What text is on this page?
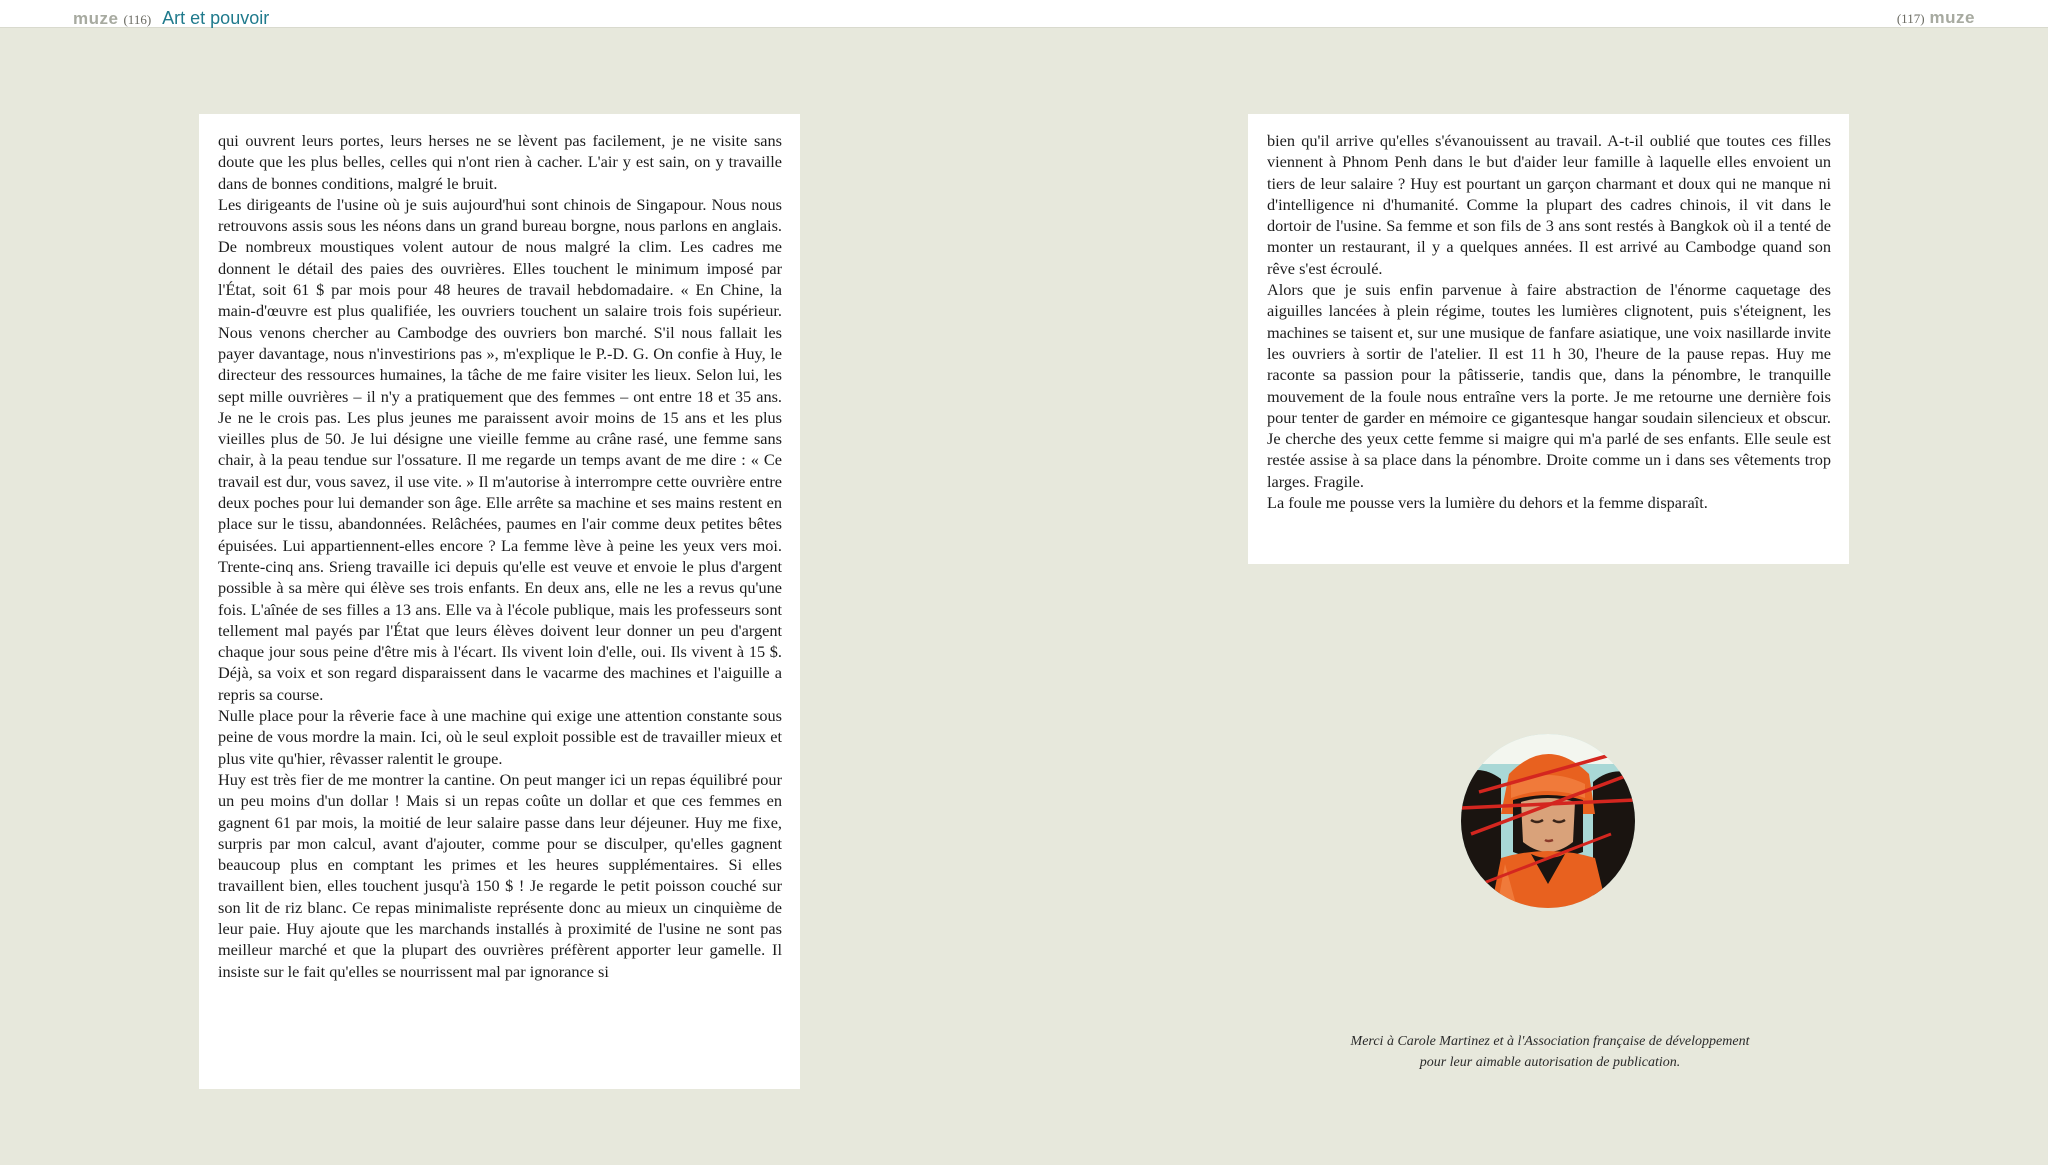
muze (116) Art et pouvoir	(117) muze

qui ouvrent leurs portes, leurs herses ne se lèvent pas facilement, je ne visite sans doute que les plus belles, celles qui n'ont rien à cacher. L'air y est sain, on y travaille dans de bonnes conditions, malgré le bruit.

Les dirigeants de l'usine où je suis aujourd'hui sont chinois de Singapour. Nous nous retrouvons assis sous les néons dans un grand bureau borgne, nous parlons en anglais. De nombreux moustiques volent autour de nous malgré la clim. Les cadres me donnent le détail des paies des ouvrières. Elles touchent le minimum imposé par l'État, soit 61 $ par mois pour 48 heures de travail hebdomadaire. « En Chine, la main-d'œuvre est plus qualifiée, les ouvriers touchent un salaire trois fois supérieur. Nous venons chercher au Cambodge des ouvriers bon marché. S'il nous fallait les payer davantage, nous n'investirions pas », m'explique le P.-D. G. On confie à Huy, le directeur des ressources humaines, la tâche de me faire visiter les lieux. Selon lui, les sept mille ouvrières – il n'y a pratiquement que des femmes – ont entre 18 et 35 ans. Je ne le crois pas. Les plus jeunes me paraissent avoir moins de 15 ans et les plus vieilles plus de 50. Je lui désigne une vieille femme au crâne rasé, une femme sans chair, à la peau tendue sur l'ossature. Il me regarde un temps avant de me dire : « Ce travail est dur, vous savez, il use vite. » Il m'autorise à interrompre cette ouvrière entre deux poches pour lui demander son âge. Elle arrête sa machine et ses mains restent en place sur le tissu, abandonnées. Relâchées, paumes en l'air comme deux petites bêtes épuisées. Lui appartiennent-elles encore ? La femme lève à peine les yeux vers moi. Trente-cinq ans. Srieng travaille ici depuis qu'elle est veuve et envoie le plus d'argent possible à sa mère qui élève ses trois enfants. En deux ans, elle ne les a revus qu'une fois. L'aînée de ses filles a 13 ans. Elle va à l'école publique, mais les professeurs sont tellement mal payés par l'État que leurs élèves doivent leur donner un peu d'argent chaque jour sous peine d'être mis à l'écart. Ils vivent loin d'elle, oui. Ils vivent à 15 $. Déjà, sa voix et son regard disparaissent dans le vacarme des machines et l'aiguille a repris sa course.

Nulle place pour la rêverie face à une machine qui exige une attention constante sous peine de vous mordre la main. Ici, où le seul exploit possible est de travailler mieux et plus vite qu'hier, rêvasser ralentit le groupe.

Huy est très fier de me montrer la cantine. On peut manger ici un repas équilibré pour un peu moins d'un dollar ! Mais si un repas coûte un dollar et que ces femmes en gagnent 61 par mois, la moitié de leur salaire passe dans leur déjeuner. Huy me fixe, surpris par mon calcul, avant d'ajouter, comme pour se disculper, qu'elles gagnent beaucoup plus en comptant les primes et les heures supplémentaires. Si elles travaillent bien, elles touchent jusqu'à 150 $ ! Je regarde le petit poisson couché sur son lit de riz blanc. Ce repas minimaliste représente donc au mieux un cinquième de leur paie. Huy ajoute que les marchands installés à proximité de l'usine ne sont pas meilleur marché et que la plupart des ouvrières préfèrent apporter leur gamelle. Il insiste sur le fait qu'elles se nourrissent mal par ignorance si

bien qu'il arrive qu'elles s'évanouissent au travail. A-t-il oublié que toutes ces filles viennent à Phnom Penh dans le but d'aider leur famille à laquelle elles envoient un tiers de leur salaire ? Huy est pourtant un garçon charmant et doux qui ne manque ni d'intelligence ni d'humanité. Comme la plupart des cadres chinois, il vit dans le dortoir de l'usine. Sa femme et son fils de 3 ans sont restés à Bangkok où il a tenté de monter un restaurant, il y a quelques années. Il est arrivé au Cambodge quand son rêve s'est écroulé.

Alors que je suis enfin parvenue à faire abstraction de l'énorme caquetage des aiguilles lancées à plein régime, toutes les lumières clignotent, puis s'éteignent, les machines se taisent et, sur une musique de fanfare asiatique, une voix nasillarde invite les ouvriers à sortir de l'atelier. Il est 11 h 30, l'heure de la pause repas. Huy me raconte sa passion pour la pâtisserie, tandis que, dans la pénombre, le tranquille mouvement de la foule nous entraîne vers la porte. Je me retourne une dernière fois pour tenter de garder en mémoire ce gigantesque hangar soudain silencieux et obscur. Je cherche des yeux cette femme si maigre qui m'a parlé de ses enfants. Elle seule est restée assise à sa place dans la pénombre. Droite comme un i dans ses vêtements trop larges. Fragile.

La foule me pousse vers la lumière du dehors et la femme disparaît.

Merci à Carole Martinez et à l'Association française de développement
pour leur aimable autorisation de publication.
